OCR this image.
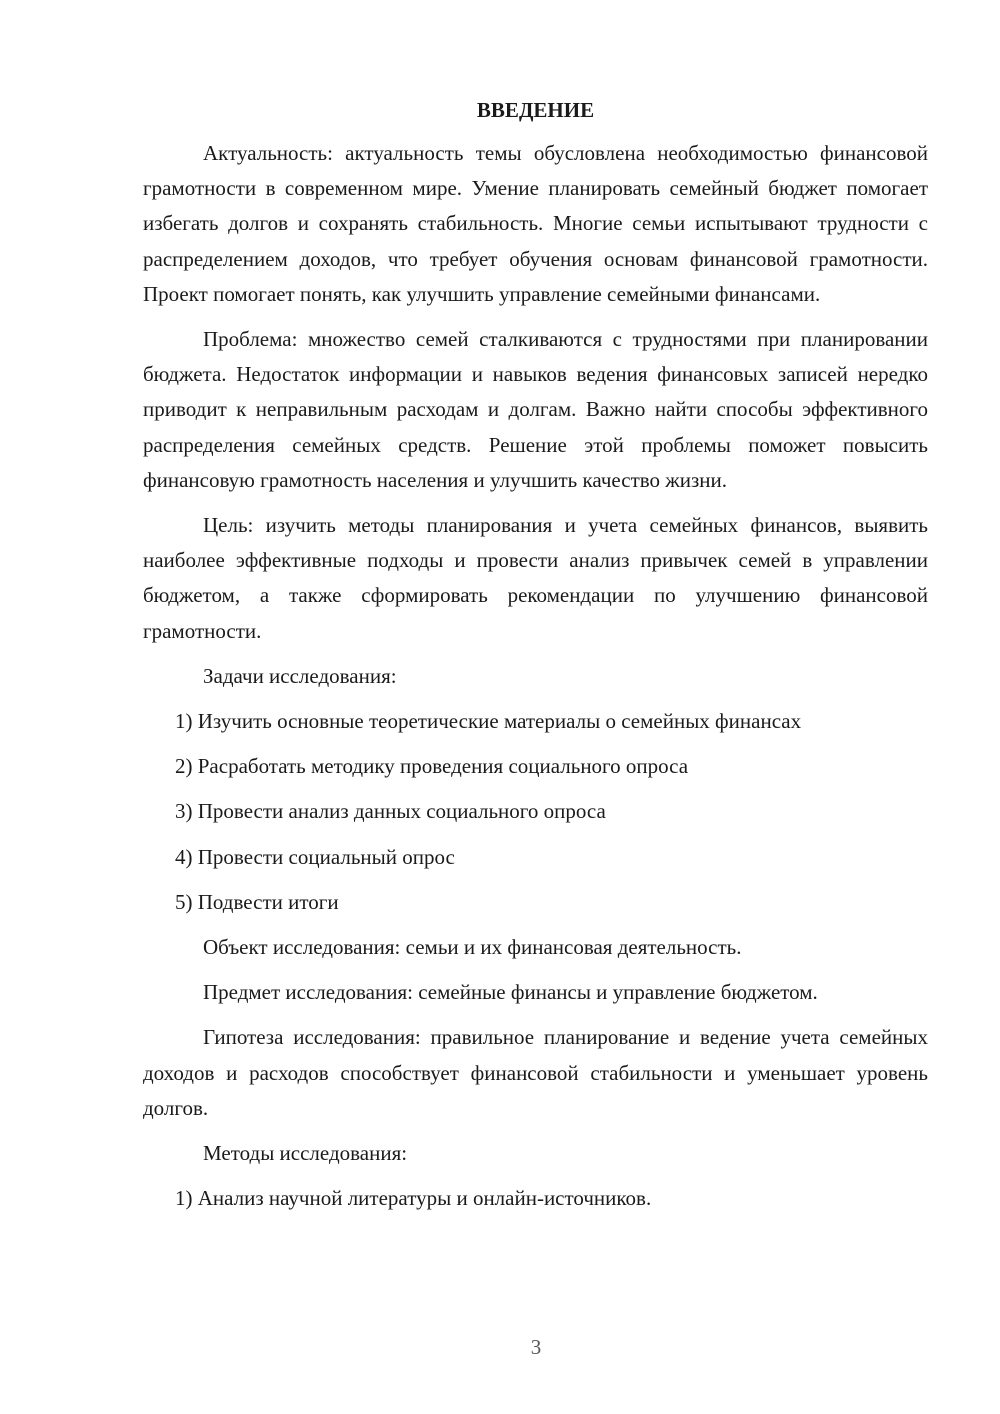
ВВЕДЕНИЕ
Актуальность: актуальность темы обусловлена необходимостью финансовой грамотности в современном мире. Умение планировать семейный бюджет помогает избегать долгов и сохранять стабильность. Многие семьи испытывают трудности с распределением доходов, что требует обучения основам финансовой грамотности. Проект помогает понять, как улучшить управление семейными финансами.
Проблема: множество семей сталкиваются с трудностями при планировании бюджета. Недостаток информации и навыков ведения финансовых записей нередко приводит к неправильным расходам и долгам. Важно найти способы эффективного распределения семейных средств. Решение этой проблемы поможет повысить финансовую грамотность населения и улучшить качество жизни.
Цель: изучить методы планирования и учета семейных финансов, выявить наиболее эффективные подходы и провести анализ привычек семей в управлении бюджетом, а также сформировать рекомендации по улучшению финансовой грамотности.
Задачи исследования:
1) Изучить основные теоретические материалы о семейных финансах
2) Расработать методику проведения социального опроса
3) Провести анализ данных социального опроса
4) Провести социальный опрос
5) Подвести итоги
Объект исследования: семьи и их финансовая деятельность.
Предмет исследования: семейные финансы и управление бюджетом.
Гипотеза исследования: правильное планирование и ведение учета семейных доходов и расходов способствует финансовой стабильности и уменьшает уровень долгов.
Методы исследования:
1) Анализ научной литературы и онлайн-источников.
3
